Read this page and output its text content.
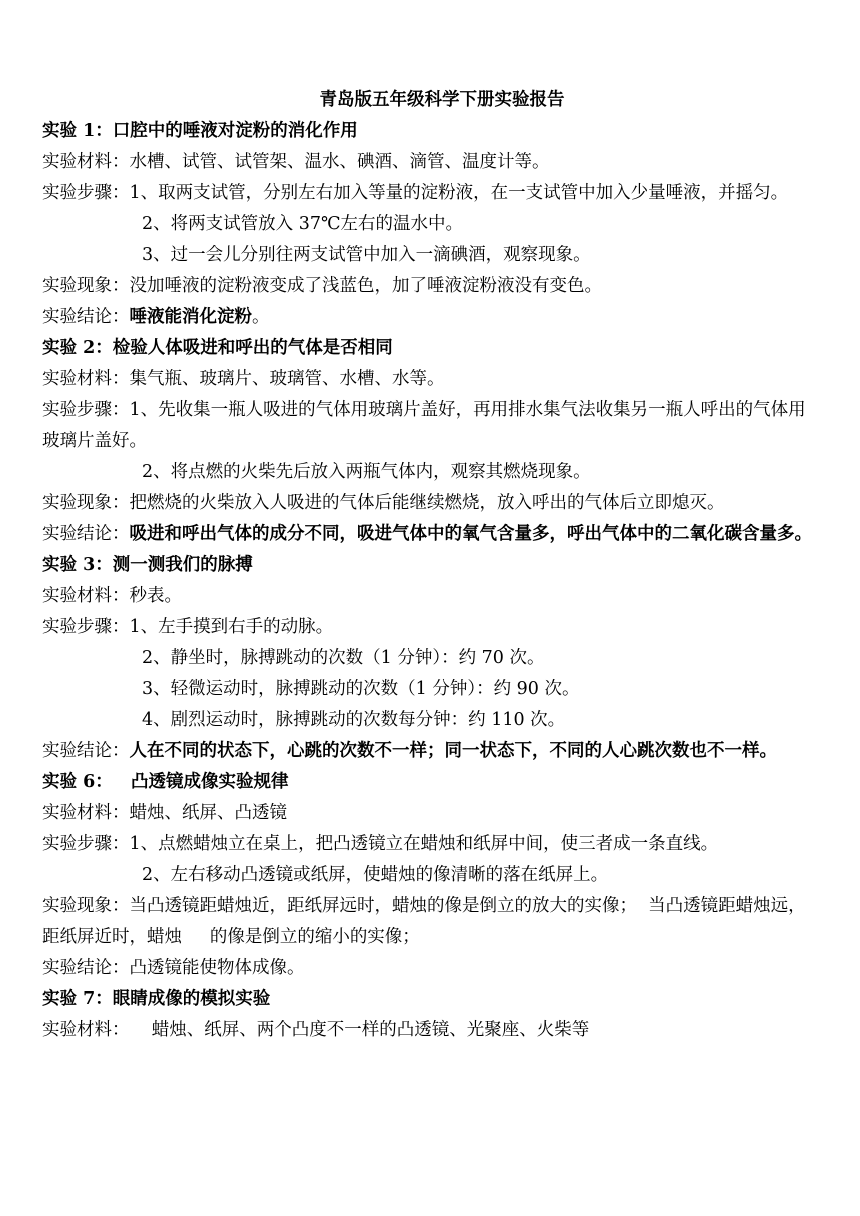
青岛版五年级科学下册实验报告
实验 1：口腔中的唾液对淀粉的消化作用
实验材料：水槽、试管、试管架、温水、碘酒、滴管、温度计等。
实验步骤：1、取两支试管，分别左右加入等量的淀粉液，在一支试管中加入少量唾液，并摇匀。
2、将两支试管放入 37℃左右的温水中。
3、过一会儿分别往两支试管中加入一滴碘酒，观察现象。
实验现象：没加唾液的淀粉液变成了浅蓝色，加了唾液淀粉液没有变色。
实验结论：唾液能消化淀粉。
实验 2：检验人体吸进和呼出的气体是否相同
实验材料：集气瓶、玻璃片、玻璃管、水槽、水等。
实验步骤：1、先收集一瓶人吸进的气体用玻璃片盖好，再用排水集气法收集另一瓶人呼出的气体用玻璃片盖好。
2、将点燃的火柴先后放入两瓶气体内，观察其燃烧现象。
实验现象：把燃烧的火柴放入人吸进的气体后能继续燃烧，放入呼出的气体后立即熄灭。
实验结论：吸进和呼出气体的成分不同，吸进气体中的氧气含量多，呼出气体中的二氧化碳含量多。
实验 3：测一测我们的脉搏
实验材料：秒表。
实验步骤：1、左手摸到右手的动脉。
2、静坐时，脉搏跳动的次数（1 分钟）：约 70 次。
3、轻微运动时，脉搏跳动的次数（1 分钟）：约 90 次。
4、剧烈运动时，脉搏跳动的次数每分钟：约 110 次。
实验结论：人在不同的状态下，心跳的次数不一样；同一状态下，不同的人心跳次数也不一样。
实验 6：   凸透镜成像实验规律
实验材料：蜡烛、纸屏、凸透镜
实验步骤：1、点燃蜡烛立在桌上，把凸透镜立在蜡烛和纸屏中间，使三者成一条直线。
2、左右移动凸透镜或纸屏，使蜡烛的像清晰的落在纸屏上。
实验现象：当凸透镜距蜡烛近，距纸屏远时，蜡烛的像是倒立的放大的实像；  当凸透镜距蜡烛远，距纸屏近时，蜡烛     的像是倒立的缩小的实像；
实验结论：凸透镜能使物体成像。
实验 7：眼睛成像的模拟实验
实验材料：    蜡烛、纸屏、两个凸度不一样的凸透镜、光聚座、火柴等
